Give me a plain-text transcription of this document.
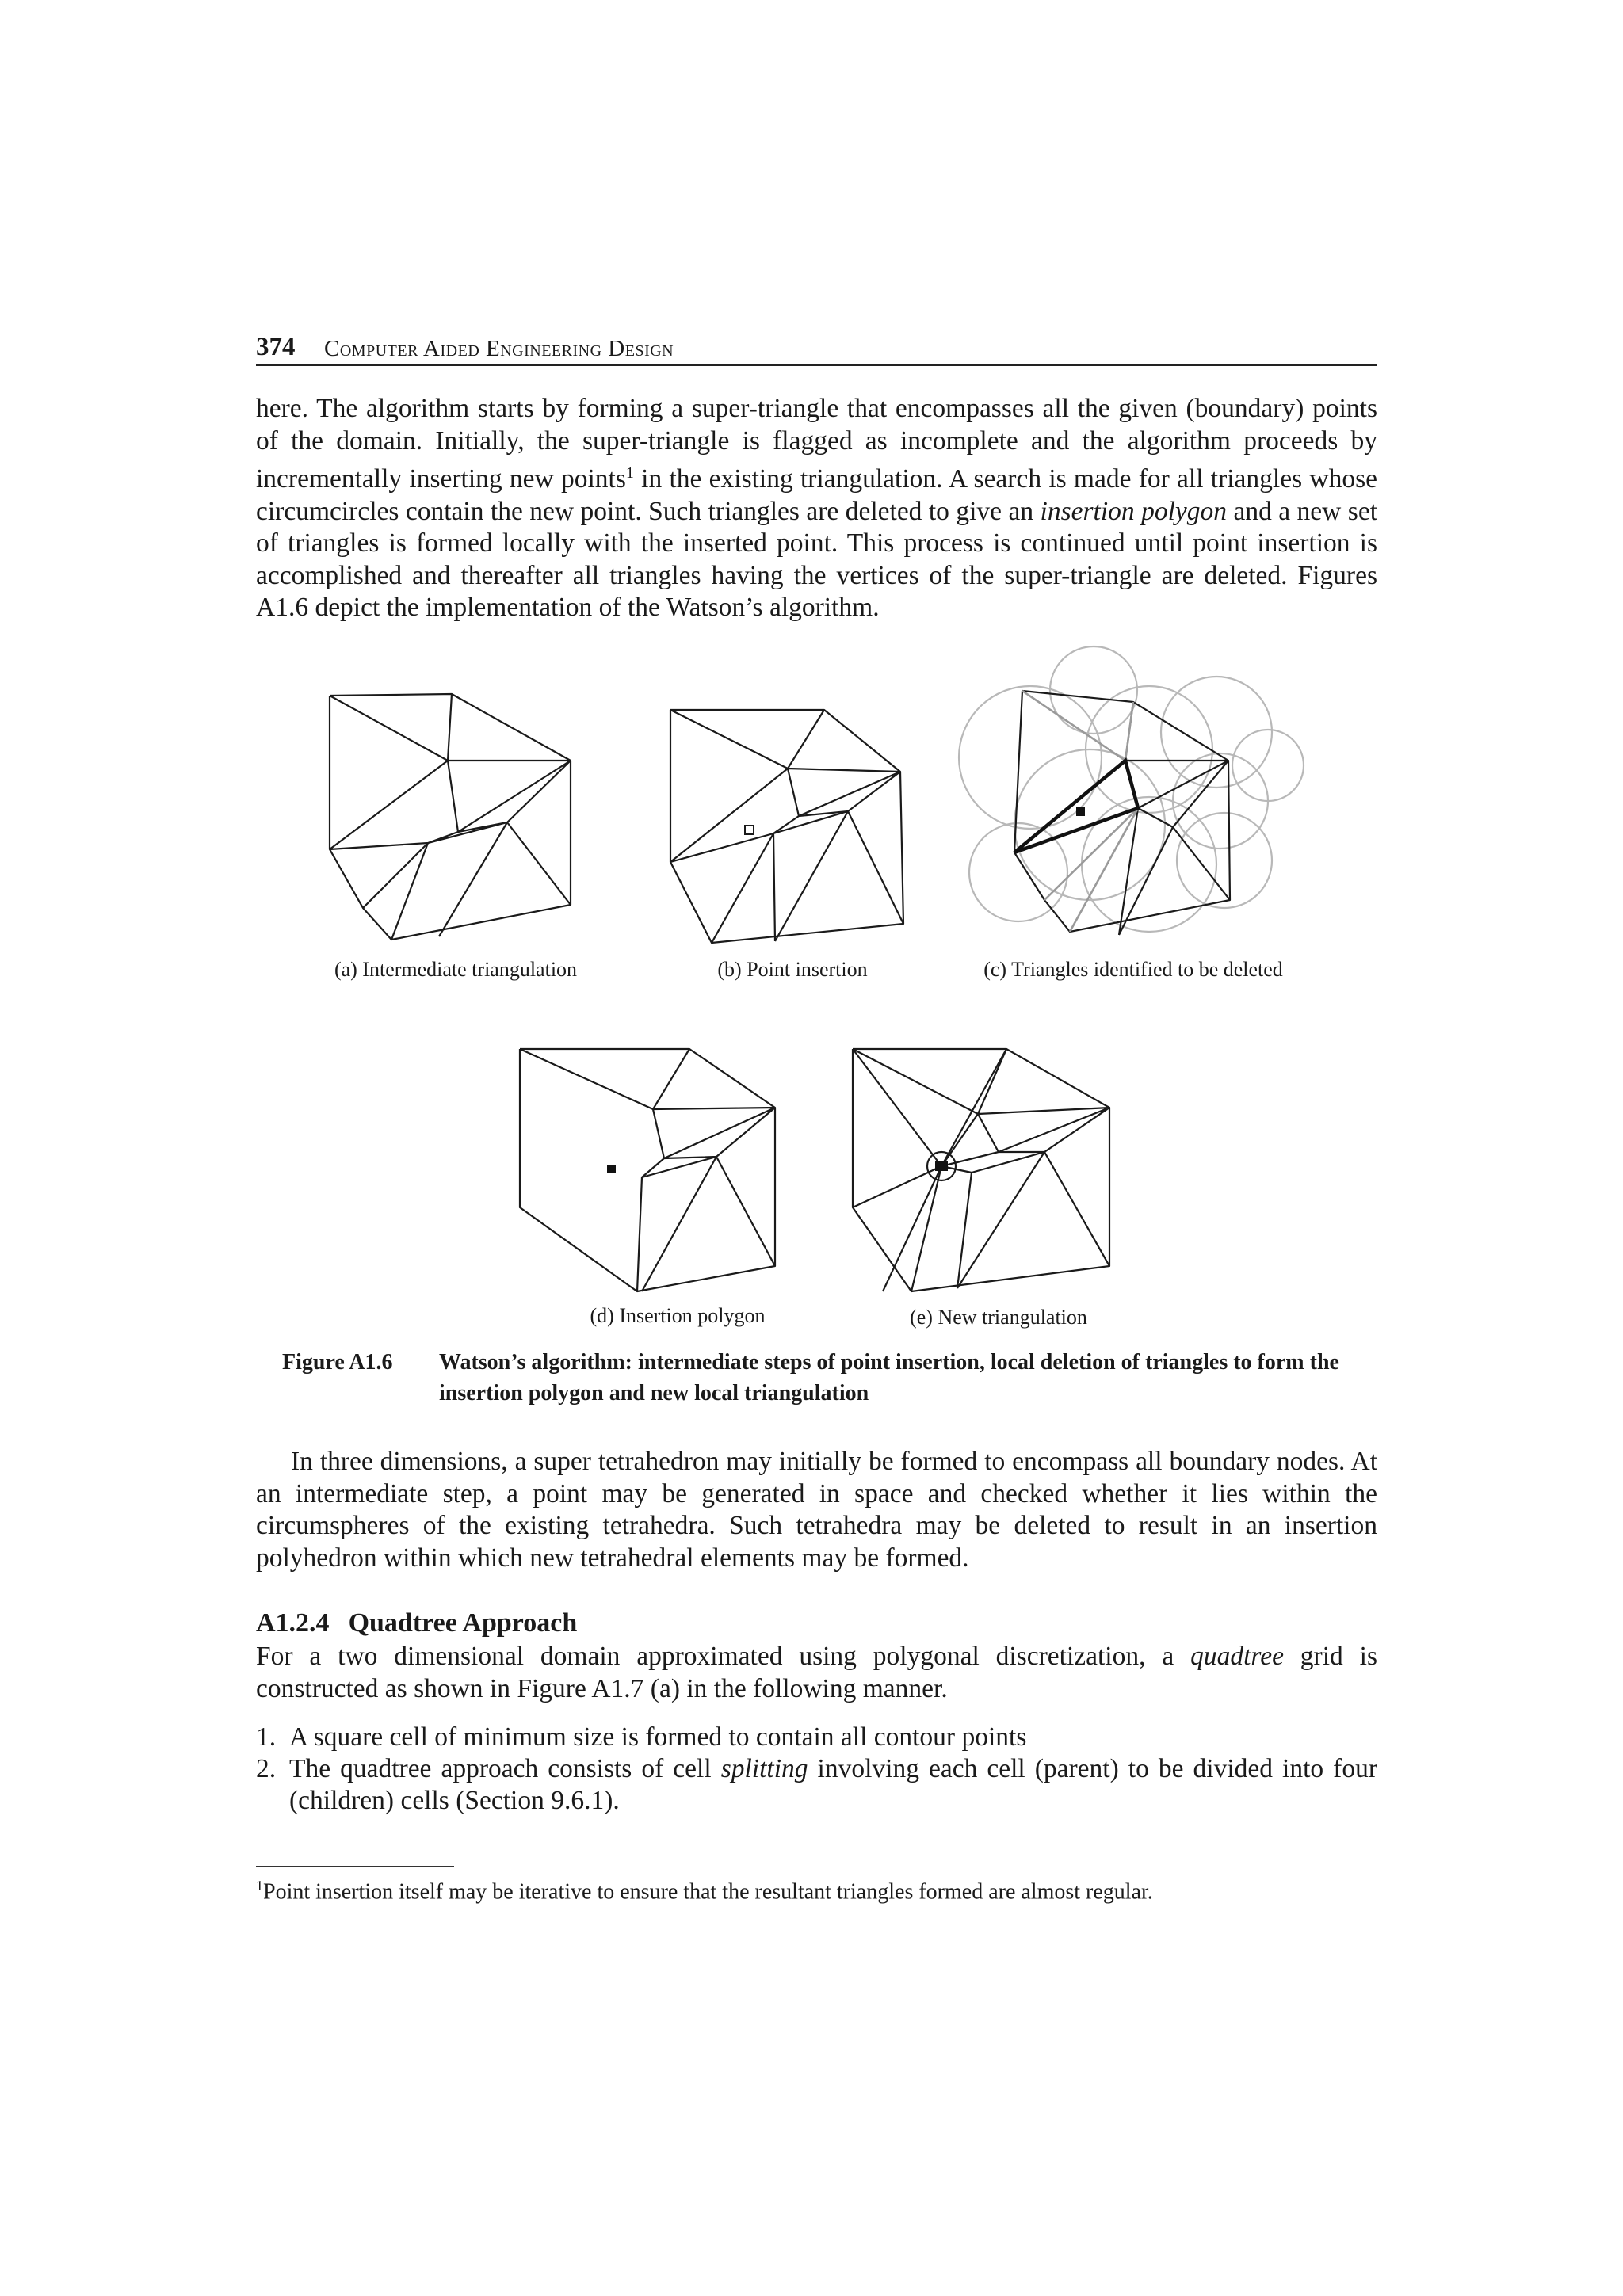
374 Computer Aided Engineering Design

here. The algorithm starts by forming a super-triangle that encompasses all the given (boundary) points of the domain. Initially, the super-triangle is flagged as incomplete and the algorithm proceeds by incrementally inserting new points$^1$ in the existing triangulation. A search is made for all triangles whose circumcircles contain the new point. Such triangles are deleted to give an insertion polygon and a new set of triangles is formed locally with the inserted point. This process is continued until point insertion is accomplished and thereafter all triangles having the vertices of the super-triangle are deleted. Figures A1.6 depict the implementation of the Watson’s algorithm.

(a) Intermediate triangulation	(b) Point insertion	(c) Triangles identified to be deleted
(d) Insertion polygon	(e) New triangulation
Figure A1.6 Watson’s algorithm: intermediate steps of point insertion, local deletion of triangles to form the insertion polygon and new local triangulation

In three dimensions, a super tetrahedron may initially be formed to encompass all boundary nodes. At an intermediate step, a point may be generated in space and checked whether it lies within the circumspheres of the existing tetrahedra. Such tetrahedra may be deleted to result in an insertion polyhedron within which new tetrahedral elements may be formed.

A1.2.4 Quadtree Approach

For a two dimensional domain approximated using polygonal discretization, a quadtree grid is constructed as shown in Figure A1.7 (a) in the following manner.

1. A square cell of minimum size is formed to contain all contour points
2. The quadtree approach consists of cell splitting involving each cell (parent) to be divided into four (children) cells (Section 9.6.1).
$^1$Point insertion itself may be iterative to ensure that the resultant triangles formed are almost regular.
